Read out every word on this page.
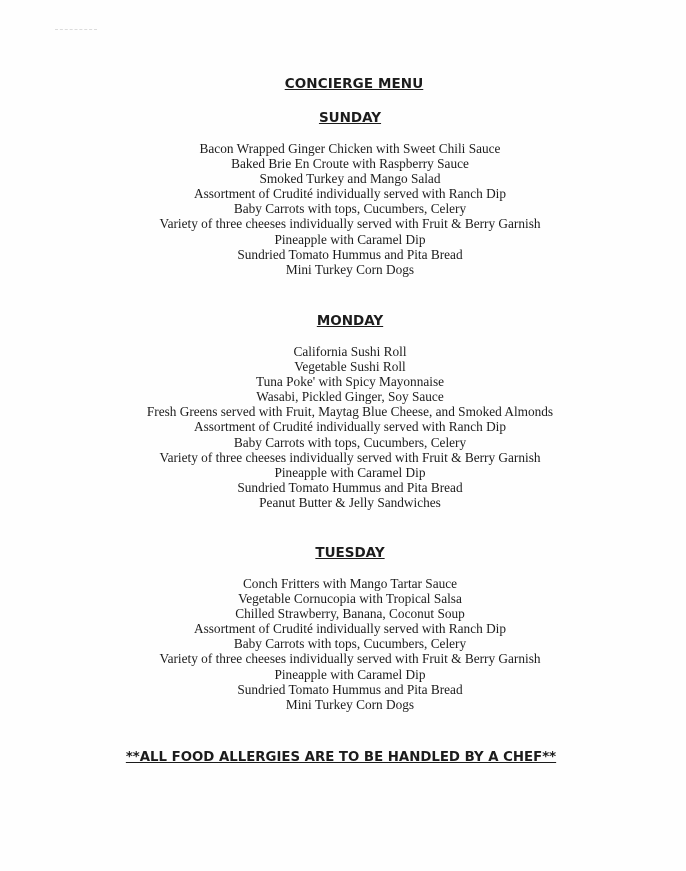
CONCIERGE MENU
SUNDAY
Bacon Wrapped Ginger Chicken with Sweet Chili Sauce
Baked Brie En Croute with Raspberry Sauce
Smoked Turkey and Mango Salad
Assortment of Crudité individually served with Ranch Dip
Baby Carrots with tops, Cucumbers, Celery
Variety of three cheeses individually served with Fruit & Berry Garnish
Pineapple with Caramel Dip
Sundried Tomato Hummus and Pita Bread
Mini Turkey Corn Dogs
MONDAY
California Sushi Roll
Vegetable Sushi Roll
Tuna Poke' with Spicy Mayonnaise
Wasabi, Pickled Ginger, Soy Sauce
Fresh Greens served with Fruit, Maytag Blue Cheese, and Smoked Almonds
Assortment of Crudité individually served with Ranch Dip
Baby Carrots with tops, Cucumbers, Celery
Variety of three cheeses individually served with Fruit & Berry Garnish
Pineapple with Caramel Dip
Sundried Tomato Hummus and Pita Bread
Peanut Butter & Jelly Sandwiches
TUESDAY
Conch Fritters with Mango Tartar Sauce
Vegetable Cornucopia with Tropical Salsa
Chilled Strawberry, Banana, Coconut Soup
Assortment of Crudité individually served with Ranch Dip
Baby Carrots with tops, Cucumbers, Celery
Variety of three cheeses individually served with Fruit & Berry Garnish
Pineapple with Caramel Dip
Sundried Tomato Hummus and Pita Bread
Mini Turkey Corn Dogs
**ALL FOOD ALLERGIES ARE TO BE HANDLED BY A CHEF**
